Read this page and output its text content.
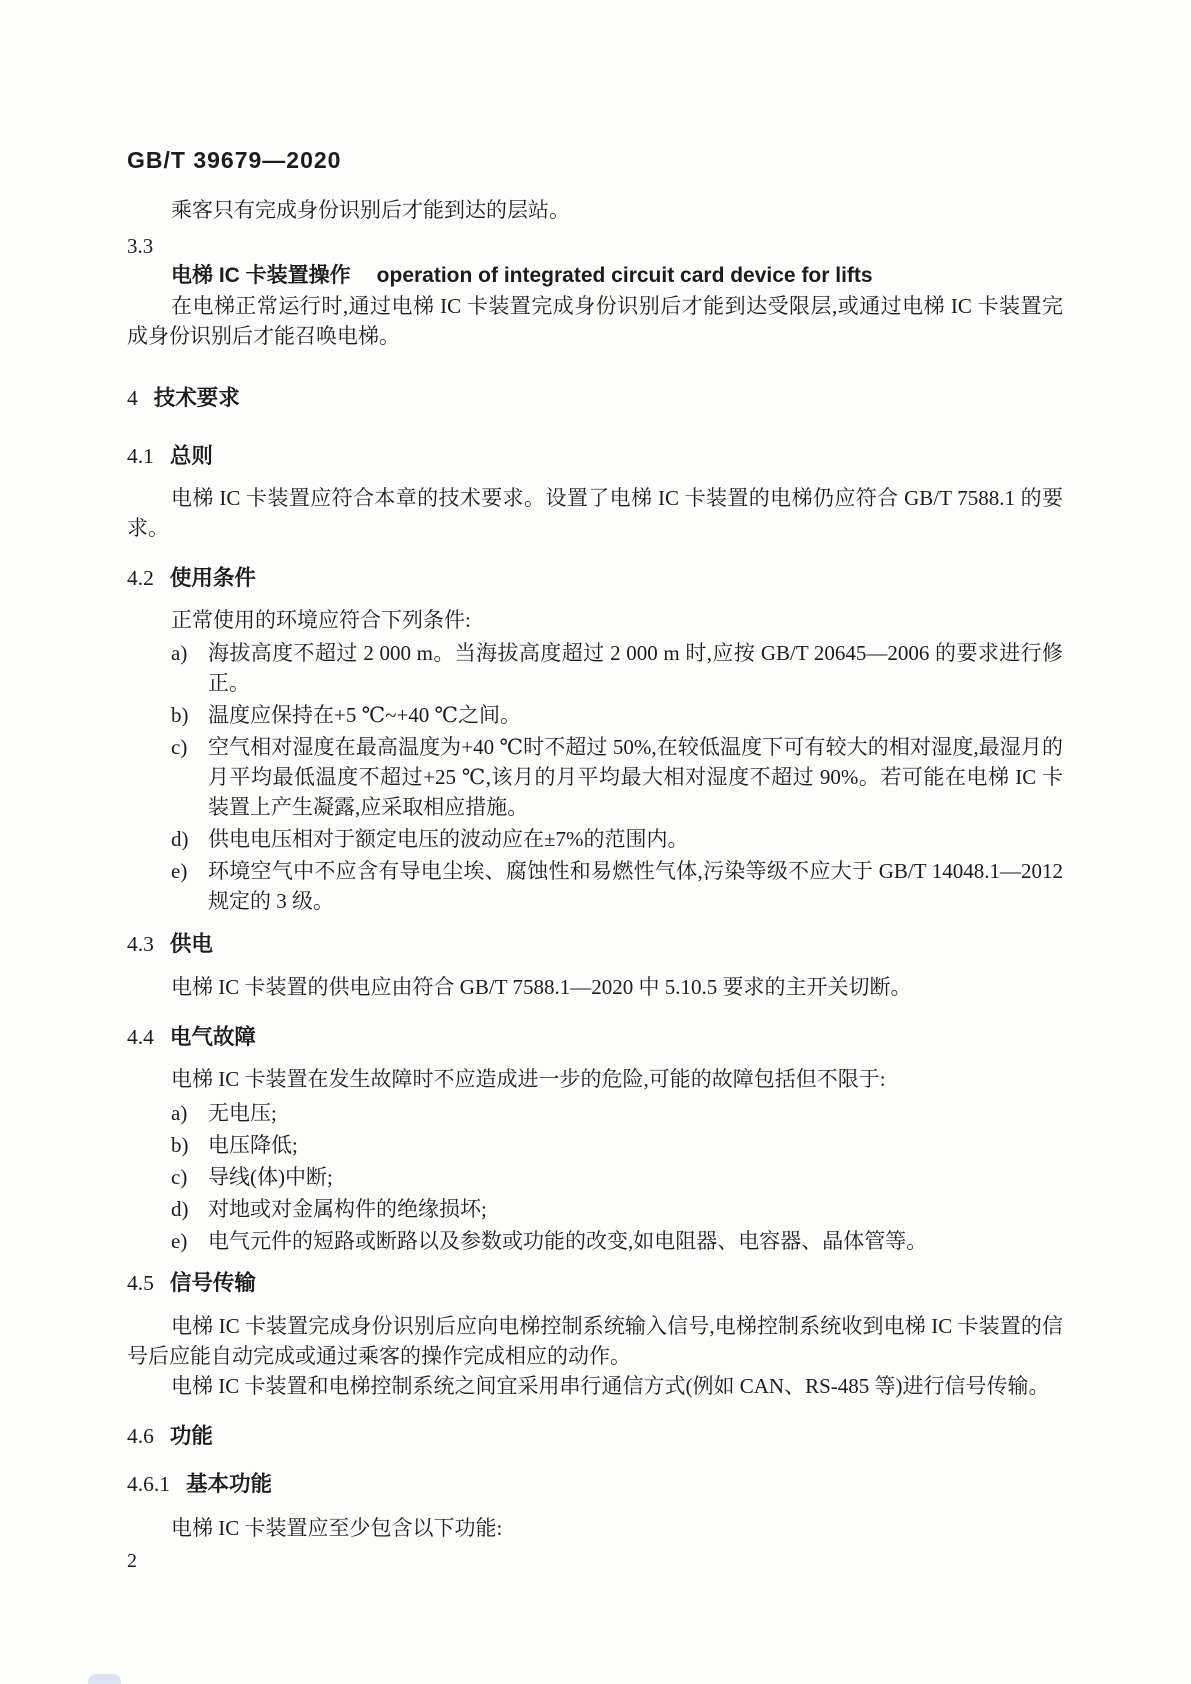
GB/T 39679—2020

乘客只有完成身份识别后才能到达的层站。

3.3
电梯 IC 卡装置操作 operation of integrated circuit card device for lifts

在电梯正常运行时,通过电梯 IC 卡装置完成身份识别后才能到达受限层,或通过电梯 IC 卡装置完成身份识别后才能召唤电梯。

4 技术要求
4.1 总则

电梯 IC 卡装置应符合本章的技术要求。设置了电梯 IC 卡装置的电梯仍应符合 GB/T 7588.1 的要求。

4.2 使用条件

正常使用的环境应符合下列条件:

a) 海拔高度不超过 2 000 m。当海拔高度超过 2 000 m 时,应按 GB/T 20645—2006 的要求进行修正。
b) 温度应保持在+5 ℃~+40 ℃之间。
c) 空气相对湿度在最高温度为+40 ℃时不超过 50%,在较低温度下可有较大的相对湿度,最湿月的月平均最低温度不超过+25 ℃,该月的月平均最大相对湿度不超过 90%。若可能在电梯 IC 卡装置上产生凝露,应采取相应措施。
d) 供电电压相对于额定电压的波动应在±7%的范围内。
e) 环境空气中不应含有导电尘埃、腐蚀性和易燃性气体,污染等级不应大于 GB/T 14048.1—2012 规定的 3 级。
4.3 供电

电梯 IC 卡装置的供电应由符合 GB/T 7588.1—2020 中 5.10.5 要求的主开关切断。

4.4 电气故障

电梯 IC 卡装置在发生故障时不应造成进一步的危险,可能的故障包括但不限于:

a) 无电压;
b) 电压降低;
c) 导线(体)中断;
d) 对地或对金属构件的绝缘损坏;
e) 电气元件的短路或断路以及参数或功能的改变,如电阻器、电容器、晶体管等。
4.5 信号传输

电梯 IC 卡装置完成身份识别后应向电梯控制系统输入信号,电梯控制系统收到电梯 IC 卡装置的信号后应能自动完成或通过乘客的操作完成相应的动作。

电梯 IC 卡装置和电梯控制系统之间宜采用串行通信方式(例如 CAN、RS-485 等)进行信号传输。

4.6 功能
4.6.1 基本功能

电梯 IC 卡装置应至少包含以下功能:

2
